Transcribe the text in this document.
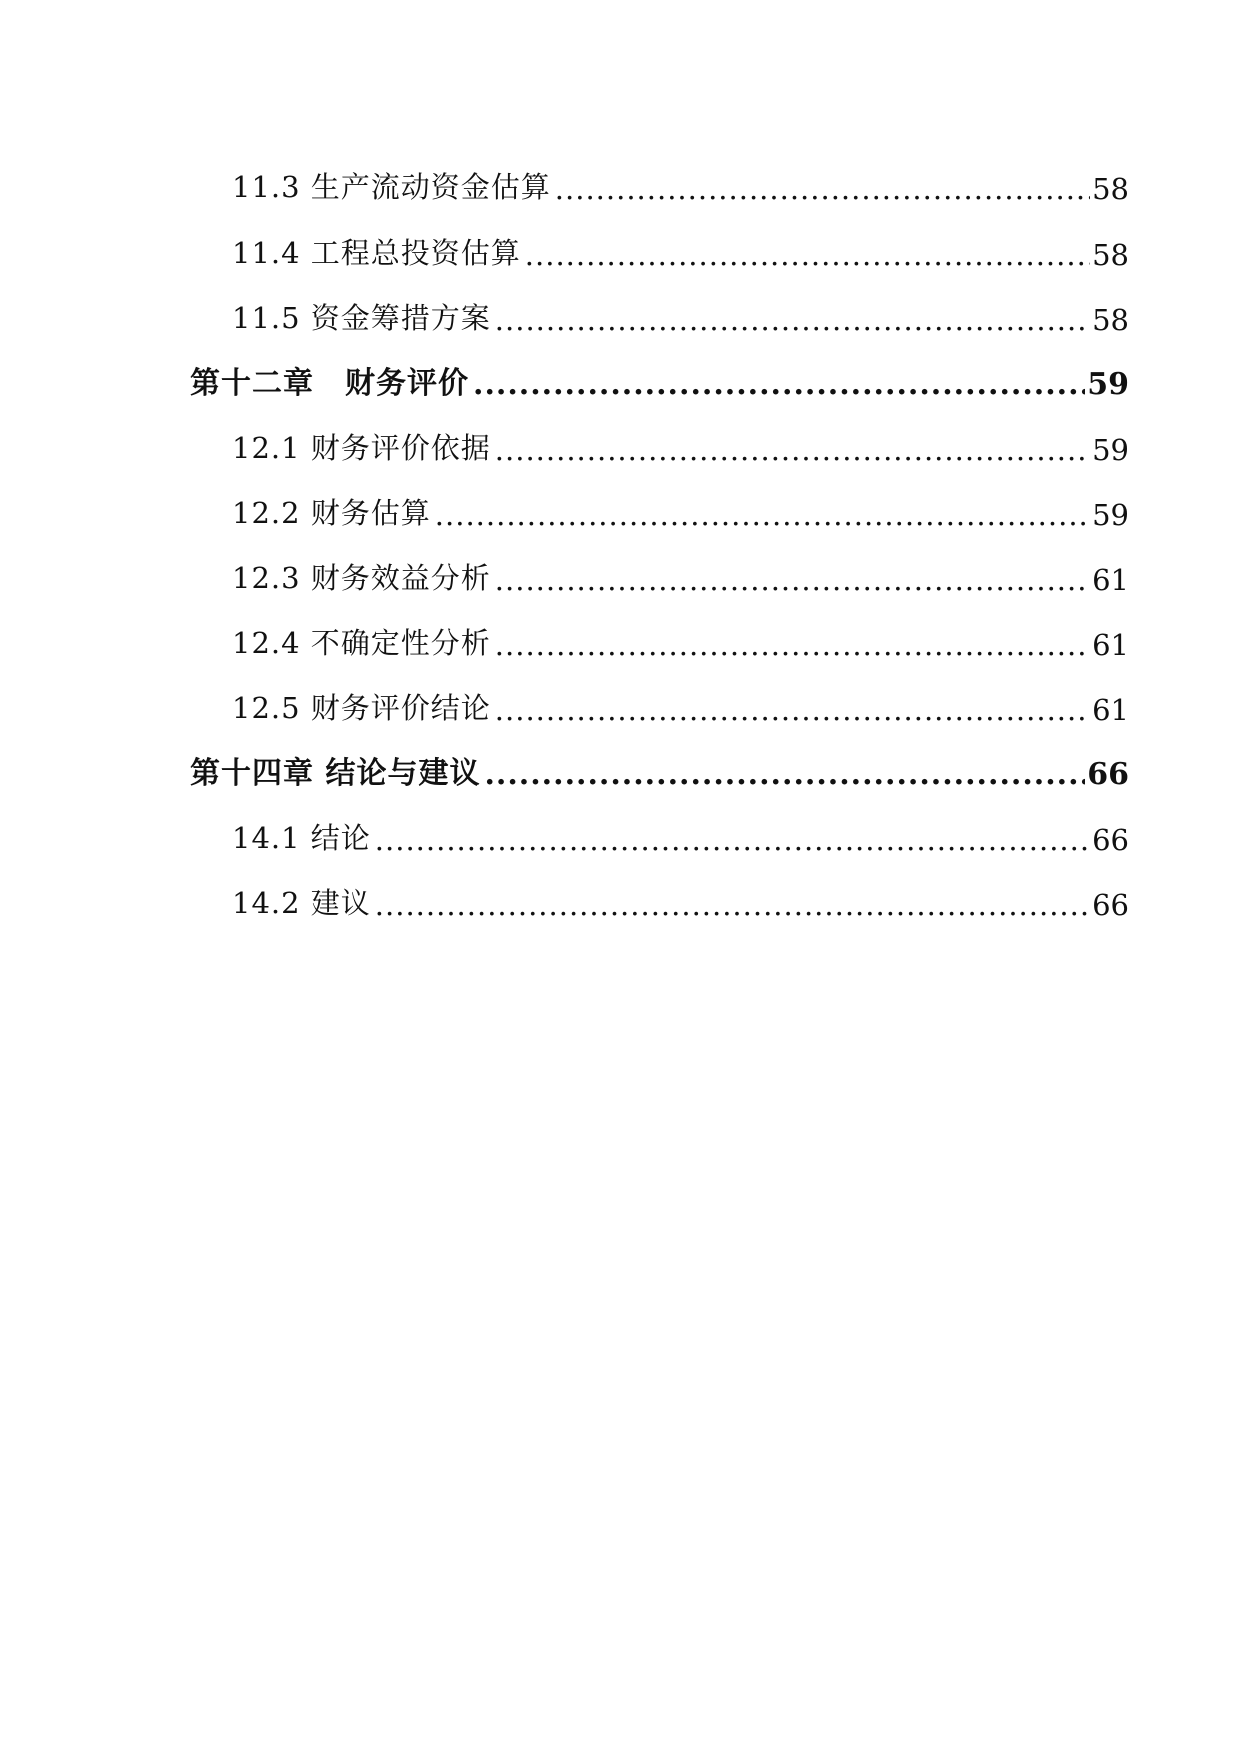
11.3 生产流动资金估算 .....	58
11.4 工程总投资估算 .....	58
11.5 资金筹措方案 .....	58
第十二章　财务评价 .....	59
12.1 财务评价依据 .....	59
12.2 财务估算 .....	59
12.3 财务效益分析 .....	61
12.4 不确定性分析 .....	61
12.5 财务评价结论 .....	61
第十四章 结论与建议 .....	66
14.1 结论 .....	66
14.2 建议 .....	66
